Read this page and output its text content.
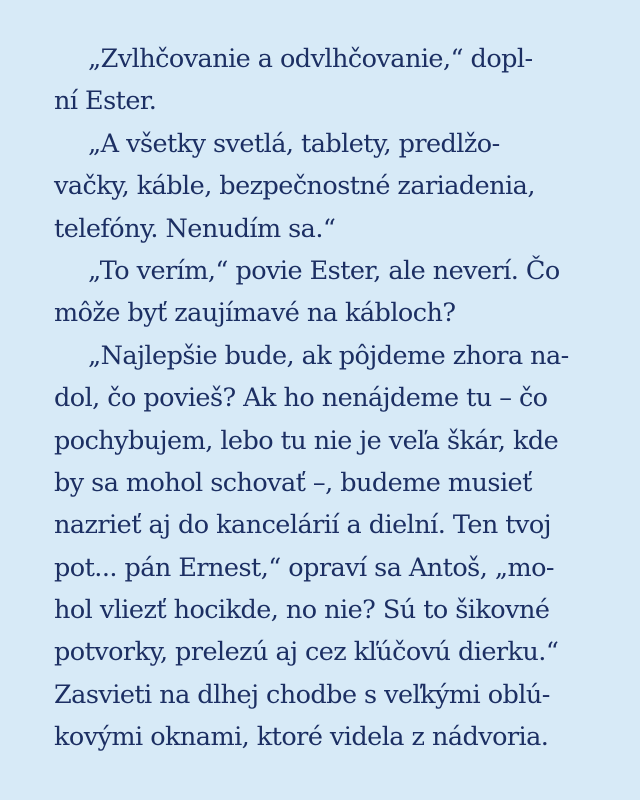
„Zvlhčovanie a odvlhčovanie,“ dopl-
ní Ester.
„A všetky svetlá, tablety, predlžo-
vačky, káble, bezpečnostné zariadenia,
telefóny. Nenudím sa.“
„To verím,“ povie Ester, ale neverí. Čo
môže byť zaujímavé na kábloch?
„Najlepšie bude, ak pôjdeme zhora na-
dol, čo povieš? Ak ho nenájdeme tu – čo
pochybujem, lebo tu nie je veľa škár, kde
by sa mohol schovať –, budeme musieť
nazrieť aj do kancelárií a dielní. Ten tvoj
pot... pán Ernest,“ opraví sa Antoš, „mo-
hol vliezť hocikde, no nie? Sú to šikovné
potvorky, prelezú aj cez kľúčovú dierku.“
Zasvieti na dlhej chodbe s veľkými oblú-
kovými oknami, ktoré videla z nádvoria.
